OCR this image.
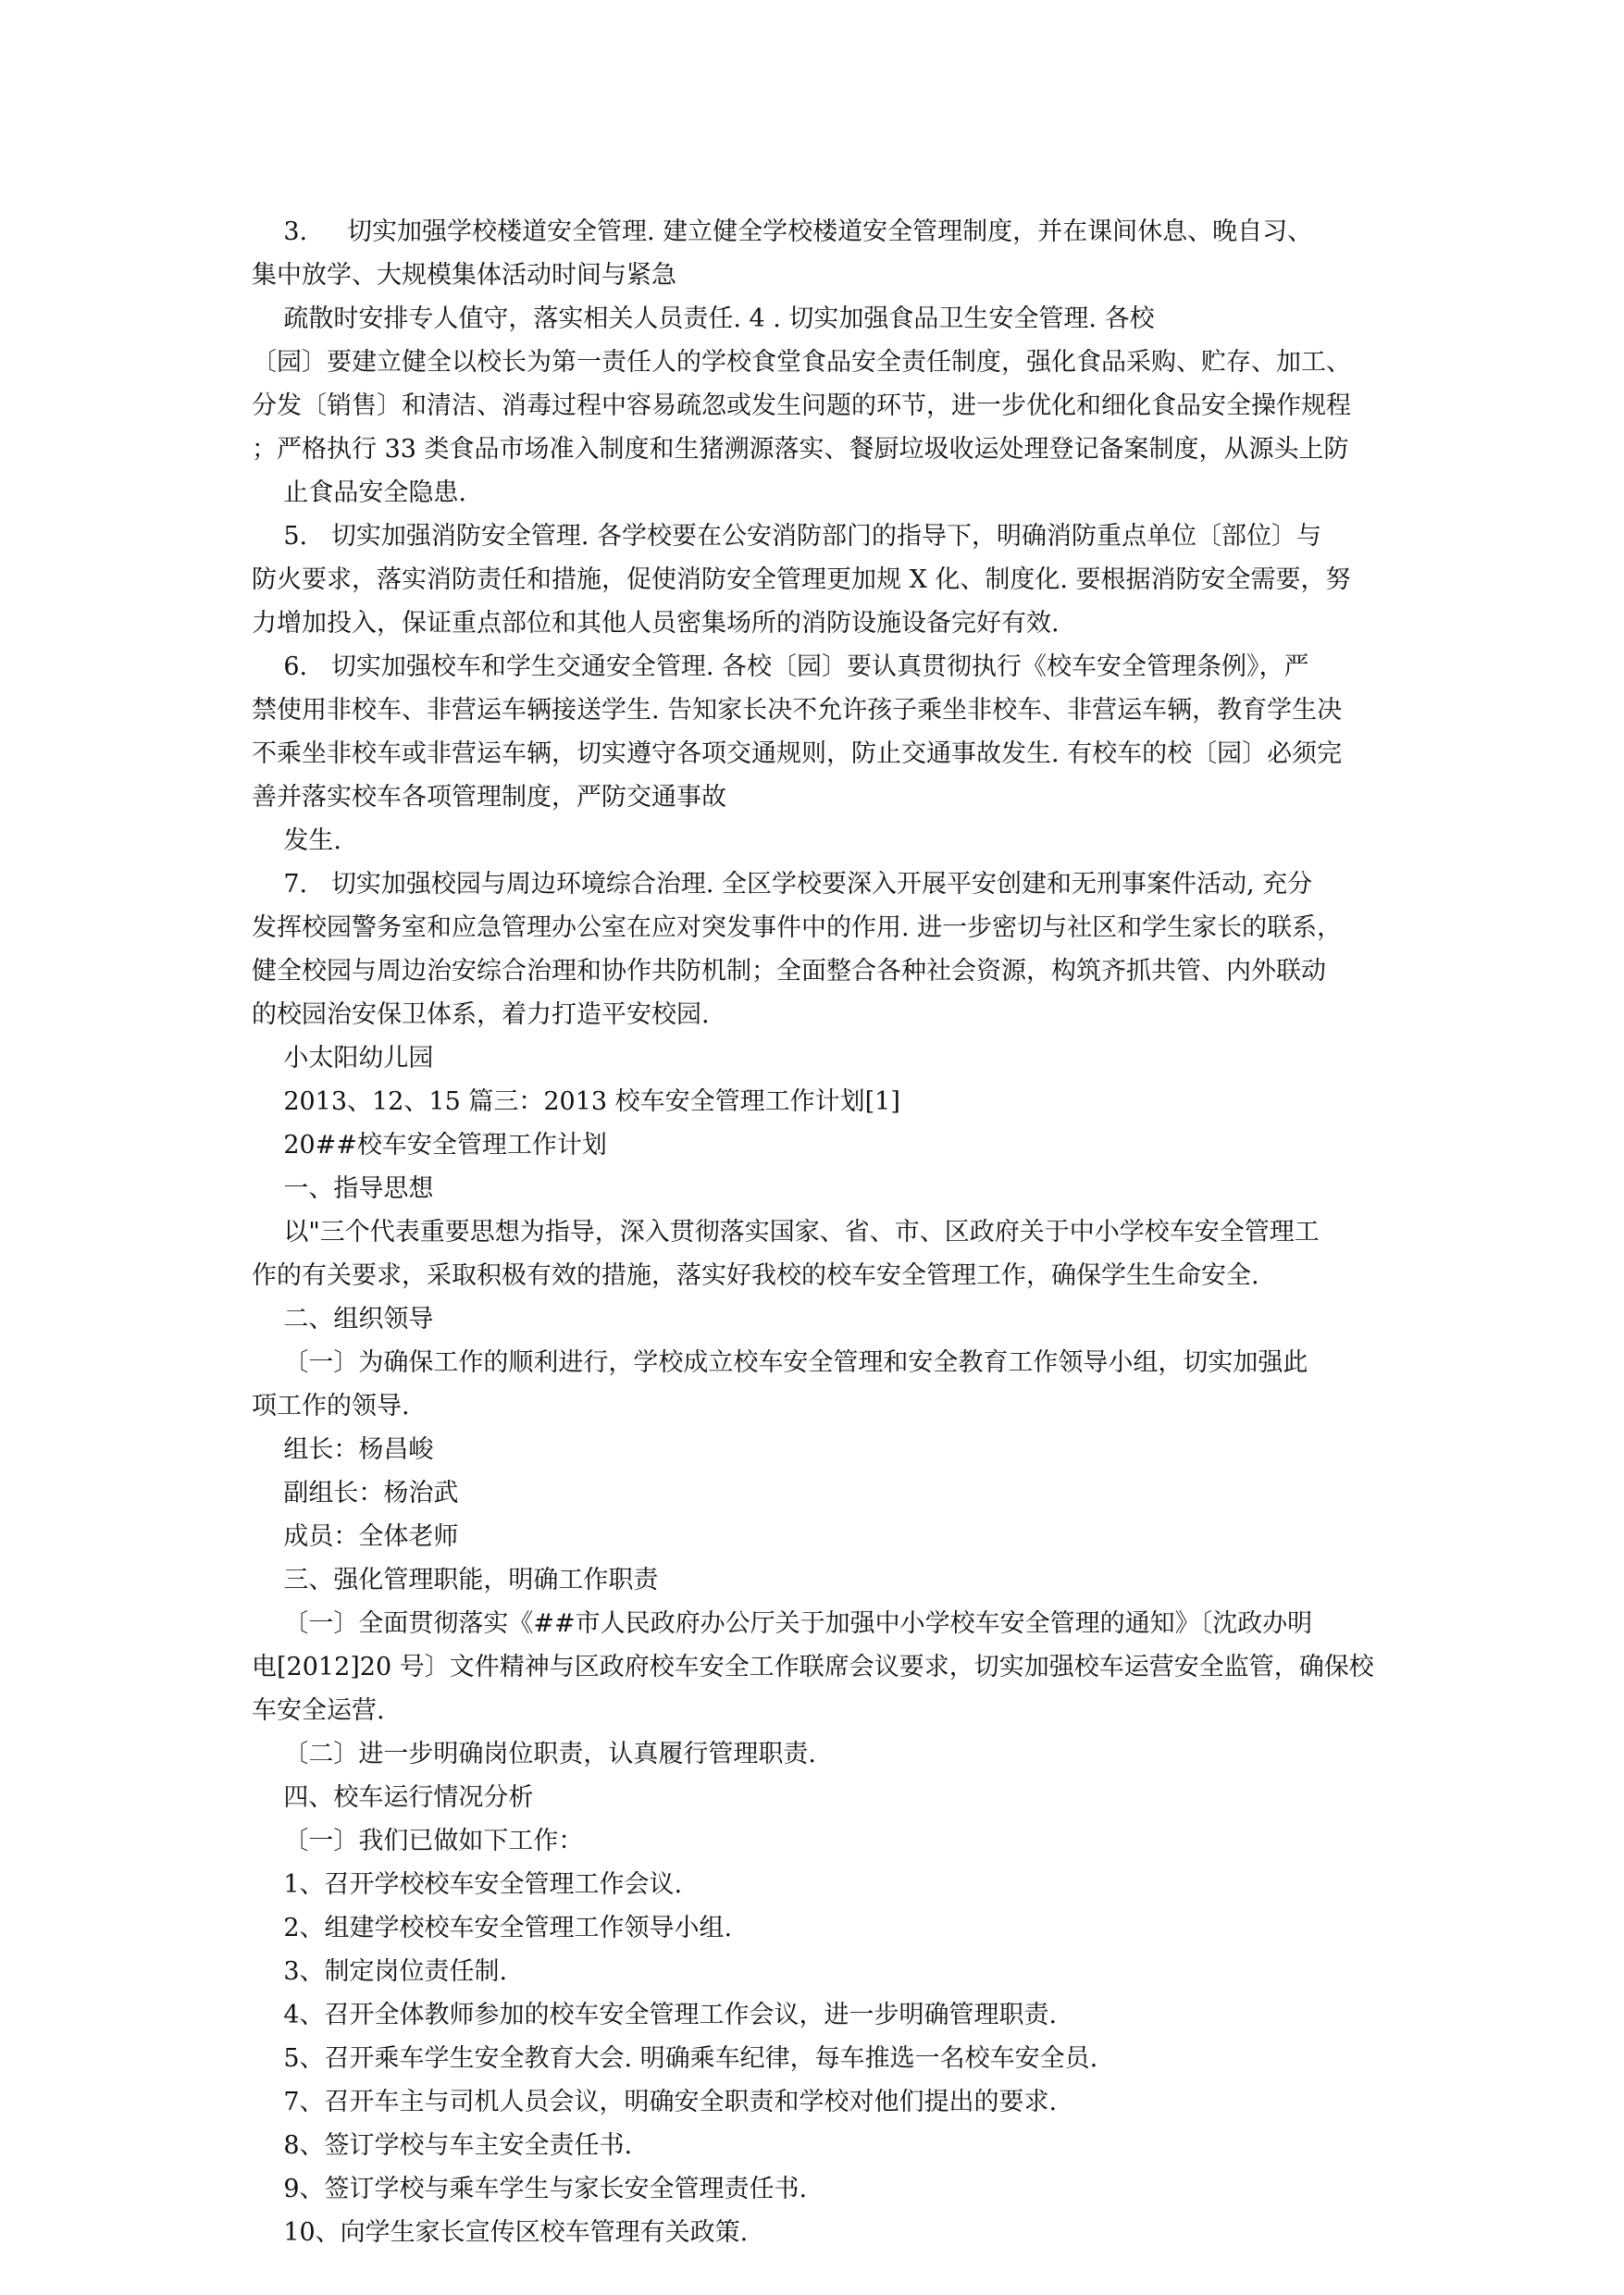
3.     切实加强学校楼道安全管理. 建立健全学校楼道安全管理制度，并在课间休息、晚自习、
集中放学、大规模集体活动时间与紧急
疏散时安排专人值守，落实相关人员责任. 4 . 切实加强食品卫生安全管理. 各校
〔园〕要建立健全以校长为第一责任人的学校食堂食品安全责任制度，强化食品采购、贮存、加工、
分发〔销售〕和清洁、消毒过程中容易疏忽或发生问题的环节，进一步优化和细化食品安全操作规程
；严格执行 33 类食品市场准入制度和生猪溯源落实、餐厨垃圾收运处理登记备案制度，从源头上防
止食品安全隐患.
5.   切实加强消防安全管理. 各学校要在公安消防部门的指导下，明确消防重点单位〔部位〕与
防火要求，落实消防责任和措施，促使消防安全管理更加规 X 化、制度化. 要根据消防安全需要，努
力增加投入，保证重点部位和其他人员密集场所的消防设施设备完好有效.
6.   切实加强校车和学生交通安全管理. 各校〔园〕要认真贯彻执行《校车安全管理条例》，严
禁使用非校车、非营运车辆接送学生. 告知家长决不允许孩子乘坐非校车、非营运车辆，教育学生决
不乘坐非校车或非营运车辆，切实遵守各项交通规则，防止交通事故发生. 有校车的校〔园〕必须完
善并落实校车各项管理制度，严防交通事故
发生.
7.   切实加强校园与周边环境综合治理. 全区学校要深入开展平安创建和无刑事案件活动, 充分
发挥校园警务室和应急管理办公室在应对突发事件中的作用. 进一步密切与社区和学生家长的联系，
健全校园与周边治安综合治理和协作共防机制；全面整合各种社会资源，构筑齐抓共管、内外联动
的校园治安保卫体系，着力打造平安校园.
小太阳幼儿园
2013、12、15 篇三：2013 校车安全管理工作计划[1]
20##校车安全管理工作计划
一、指导思想
以"三个代表重要思想为指导，深入贯彻落实国家、省、市、区政府关于中小学校车安全管理工
作的有关要求，采取积极有效的措施，落实好我校的校车安全管理工作，确保学生生命安全.
二、组织领导
〔一〕为确保工作的顺利进行，学校成立校车安全管理和安全教育工作领导小组，切实加强此
项工作的领导.
组长：杨昌峻
副组长：杨治武
成员：全体老师
三、强化管理职能，明确工作职责
〔一〕全面贯彻落实《##市人民政府办公厅关于加强中小学校车安全管理的通知》〔沈政办明
电[2012]20 号〕文件精神与区政府校车安全工作联席会议要求，切实加强校车运营安全监管，确保校
车安全运营.
〔二〕进一步明确岗位职责，认真履行管理职责.
四、校车运行情况分析
〔一〕我们已做如下工作：
1、召开学校校车安全管理工作会议.
2、组建学校校车安全管理工作领导小组.
3、制定岗位责任制.
4、召开全体教师参加的校车安全管理工作会议，进一步明确管理职责.
5、召开乘车学生安全教育大会. 明确乘车纪律，每车推选一名校车安全员.
7、召开车主与司机人员会议，明确安全职责和学校对他们提出的要求.
8、签订学校与车主安全责任书.
9、签订学校与乘车学生与家长安全管理责任书.
10、向学生家长宣传区校车管理有关政策.
